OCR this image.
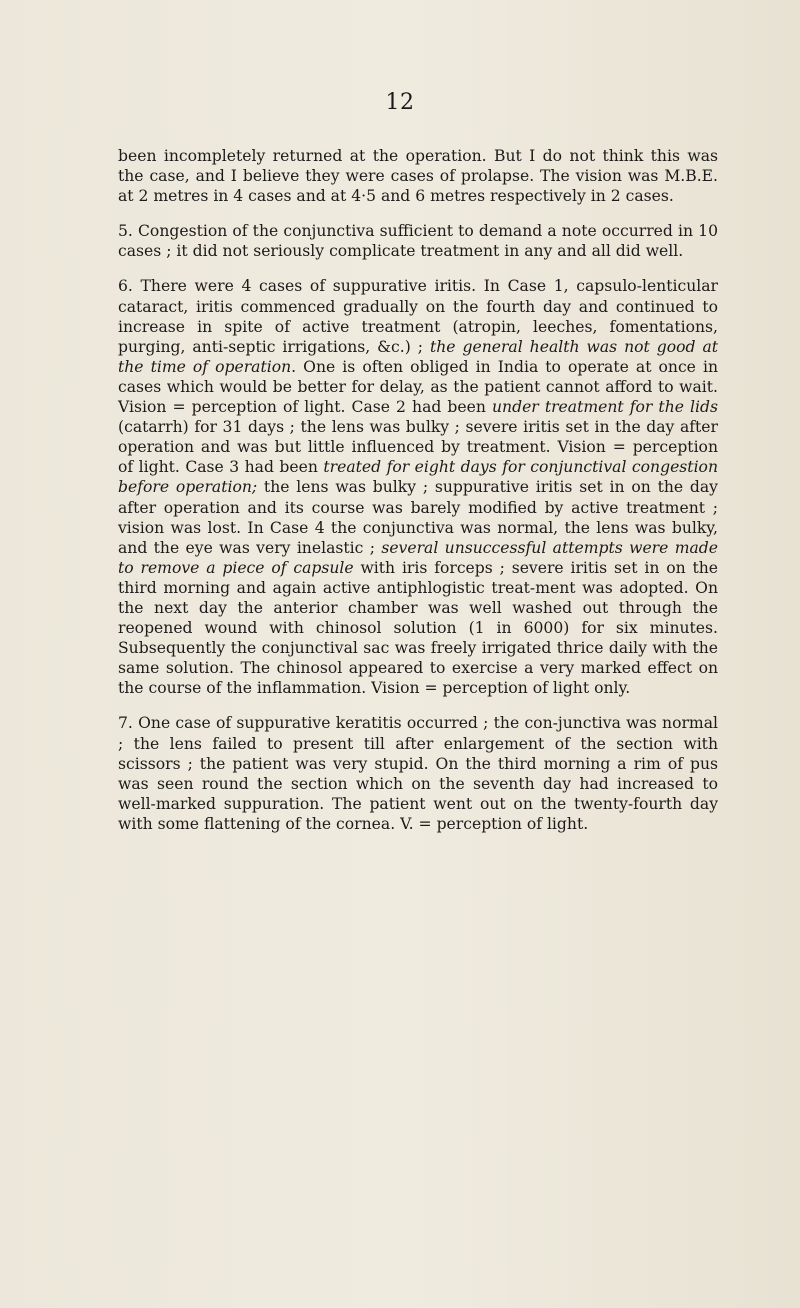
12

been incompletely returned at the operation. But I do not think this was the case, and I believe they were cases of prolapse. The vision was M.B.E. at 2 metres in 4 cases and at 4·5 and 6 metres respectively in 2 cases.

5. Congestion of the conjunctiva sufficient to demand a note occurred in 10 cases ; it did not seriously complicate treatment in any and all did well.

6. There were 4 cases of suppurative iritis. In Case 1, capsulo-lenticular cataract, iritis commenced gradually on the fourth day and continued to increase in spite of active treatment (atropin, leeches, fomentations, purging, anti-septic irrigations, &c.) ; the general health was not good at the time of operation. One is often obliged in India to operate at once in cases which would be better for delay, as the patient cannot afford to wait. Vision = perception of light. Case 2 had been under treatment for the lids (catarrh) for 31 days ; the lens was bulky ; severe iritis set in the day after operation and was but little influenced by treatment. Vision = perception of light. Case 3 had been treated for eight days for conjunctival congestion before operation; the lens was bulky ; suppurative iritis set in on the day after operation and its course was barely modified by active treatment ; vision was lost. In Case 4 the conjunctiva was normal, the lens was bulky, and the eye was very inelastic ; several unsuccessful attempts were made to remove a piece of capsule with iris forceps ; severe iritis set in on the third morning and again active antiphlogistic treat-ment was adopted. On the next day the anterior chamber was well washed out through the reopened wound with chinosol solution (1 in 6000) for six minutes. Subsequently the conjunctival sac was freely irrigated thrice daily with the same solution. The chinosol appeared to exercise a very marked effect on the course of the inflammation. Vision = perception of light only.

7. One case of suppurative keratitis occurred ; the con-junctiva was normal ; the lens failed to present till after enlargement of the section with scissors ; the patient was very stupid. On the third morning a rim of pus was seen round the section which on the seventh day had increased to well-marked suppuration. The patient went out on the twenty-fourth day with some flattening of the cornea. V. = perception of light.
